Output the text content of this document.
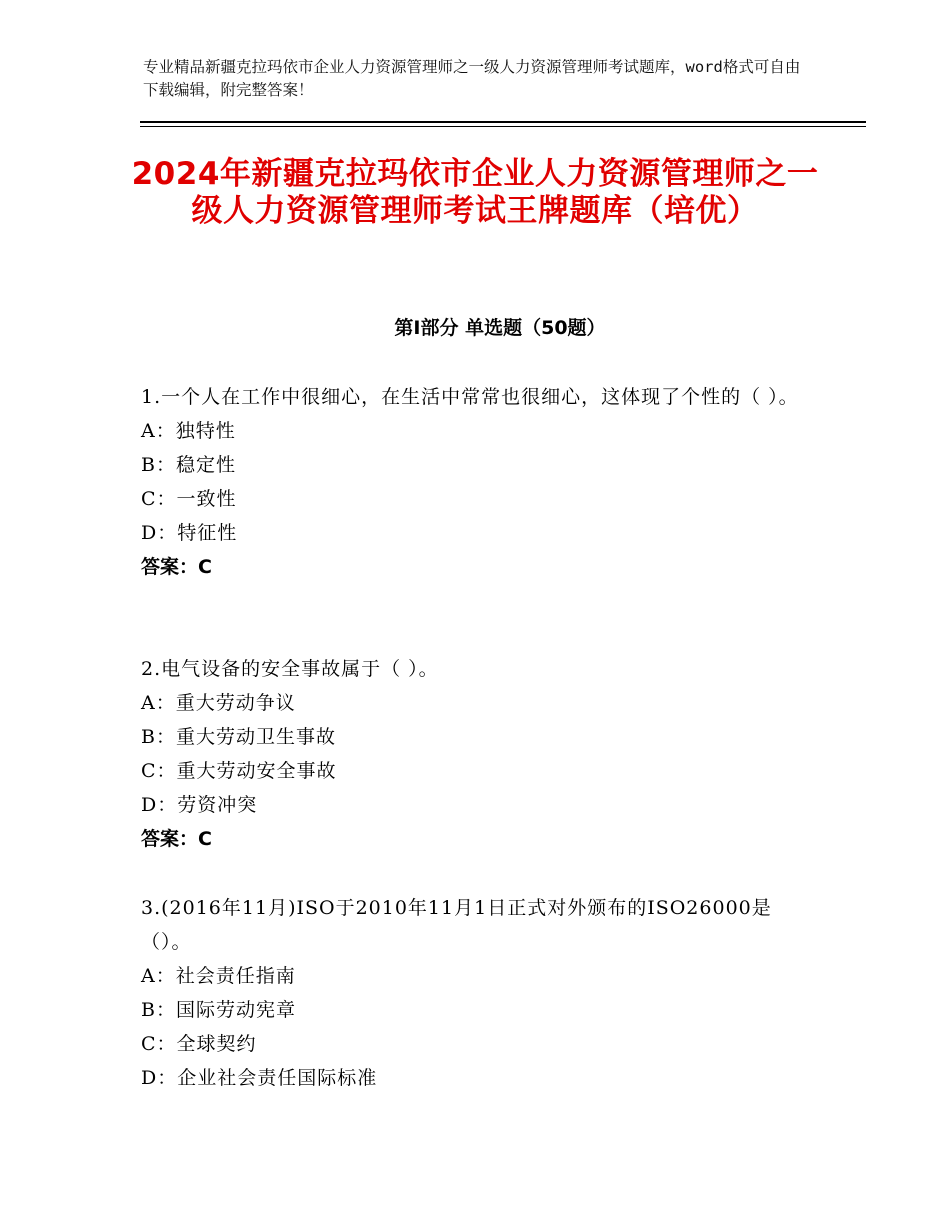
专业精品新疆克拉玛依市企业人力资源管理师之一级人力资源管理师考试题库，word格式可自由下载编辑，附完整答案！
2024年新疆克拉玛依市企业人力资源管理师之一级人力资源管理师考试王牌题库（培优）
第Ⅰ部分 单选题（50题）
1.一个人在工作中很细心，在生活中常常也很细心，这体现了个性的（ ）。
A：独特性
B：稳定性
C：一致性
D：特征性
答案：C
2.电气设备的安全事故属于（ ）。
A：重大劳动争议
B：重大劳动卫生事故
C：重大劳动安全事故
D：劳资冲突
答案：C
3.(2016年11月)ISO于2010年11月1日正式对外颁布的ISO26000是（）。
A：社会责任指南
B：国际劳动宪章
C：全球契约
D：企业社会责任国际标准
